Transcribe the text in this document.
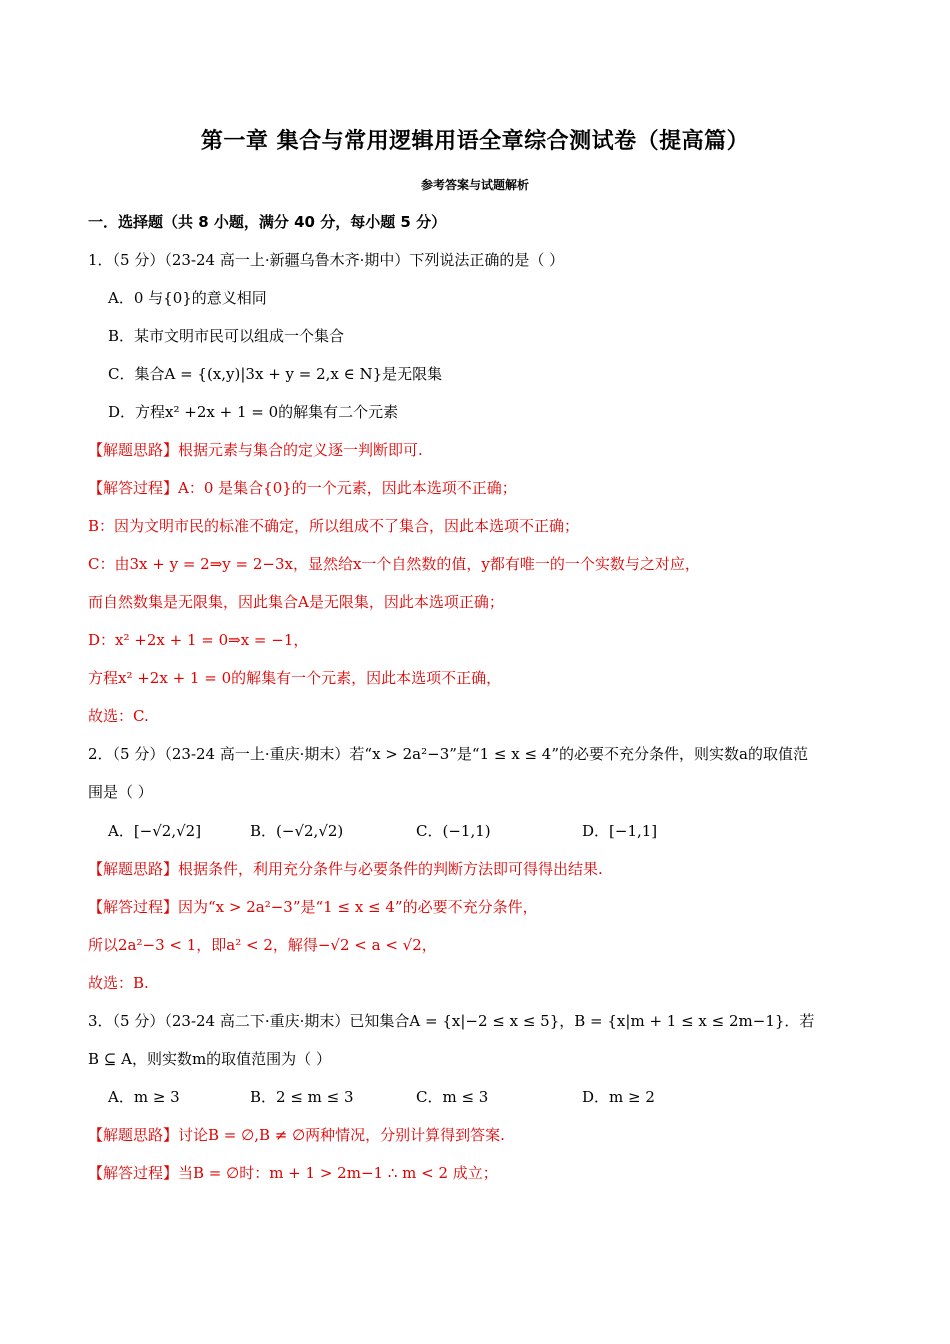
第一章 集合与常用逻辑用语全章综合测试卷（提高篇）
参考答案与试题解析
一．选择题（共 8 小题，满分 40 分，每小题 5 分）
1．（5 分）（23-24 高一上·新疆乌鲁木齐·期中）下列说法正确的是（ ）
A．0 与{0}的意义相同
B．某市文明市民可以组成一个集合
C．集合A = {(x,y)|3x + y = 2,x ∈ N}是无限集
D．方程x² +2x + 1 = 0的解集有二个元素
【解题思路】根据元素与集合的定义逐一判断即可.
【解答过程】A：0 是集合{0}的一个元素，因此本选项不正确；
B：因为文明市民的标准不确定，所以组成不了集合，因此本选项不正确；
C：由3x + y = 2⇒y = 2−3x，显然给x一个自然数的值，y都有唯一的一个实数与之对应，
而自然数集是无限集，因此集合A是无限集，因此本选项正确；
D：x² +2x + 1 = 0⇒x = −1，
方程x² +2x + 1 = 0的解集有一个元素，因此本选项不正确，
故选：C.
2．（5 分）（23-24 高一上·重庆·期末）若“x > 2a²−3”是“1 ≤ x ≤ 4”的必要不充分条件，则实数a的取值范
围是（ ）
A．[−√2,√2]	B．(−√2,√2)	C．(−1,1)	D．[−1,1]
【解题思路】根据条件，利用充分条件与必要条件的判断方法即可得得出结果.
【解答过程】因为“x > 2a²−3”是“1 ≤ x ≤ 4”的必要不充分条件，
所以2a²−3 < 1，即a² < 2，解得−√2 < a < √2，
故选：B.
3．（5 分）（23-24 高二下·重庆·期末）已知集合A = {x|−2 ≤ x ≤ 5}，B = {x|m + 1 ≤ x ≤ 2m−1}．若
B ⊆ A，则实数m的取值范围为（ ）
A．m ≥ 3	B．2 ≤ m ≤ 3	C．m ≤ 3	D．m ≥ 2
【解题思路】讨论B = ∅,B ≠ ∅两种情况，分别计算得到答案.
【解答过程】当B = ∅时：m + 1 > 2m−1 ∴ m < 2 成立；
